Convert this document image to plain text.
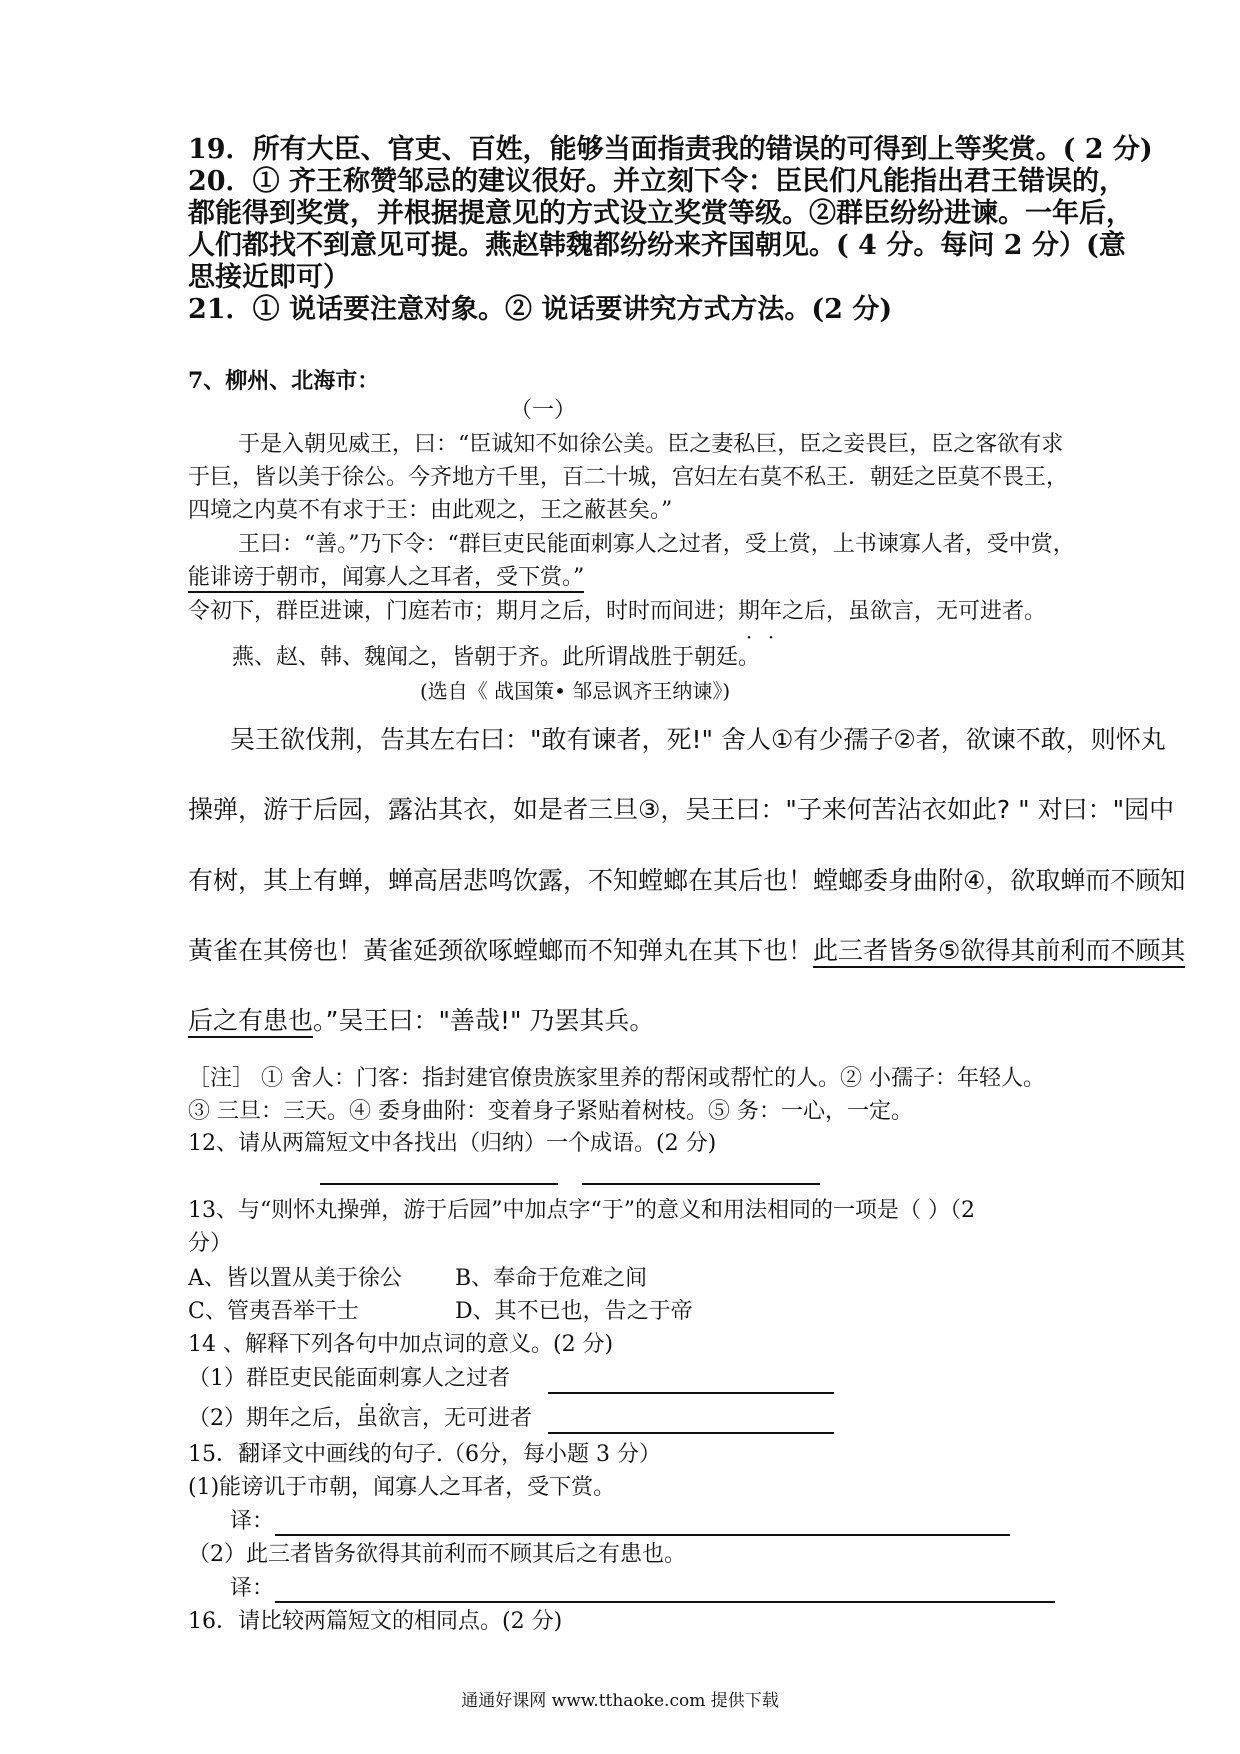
19．所有大臣、官吏、百姓，能够当面指责我的错误的可得到上等奖赏。( 2 分)
20．① 齐王称赞邹忌的建议很好。并立刻下令：臣民们凡能指出君王错误的，
都能得到奖赏，并根据提意见的方式设立奖赏等级。②群臣纷纷进谏。一年后，
人们都找不到意见可提。燕赵韩魏都纷纷来齐国朝见。( 4 分。每问 2 分）(意
思接近即可）
21．① 说话要注意对象。② 说话要讲究方式方法。(2 分)
7、柳州、北海市：
（一）
于是入朝见威王，曰：“臣诚知不如徐公美。臣之妻私巨，臣之妾畏巨，臣之客欲有求
于巨，皆以美于徐公。今齐地方千里，百二十城，宫妇左右莫不私王．朝廷之臣莫不畏王，
四境之内莫不有求于王：由此观之，王之蔽甚矣。”
王曰：“善。”乃下令：“群巨吏民能面刺寡人之过者，受上赏，上书谏寡人者，受中赏，
能诽谤于朝市，闻寡人之耳者，受下赏。”
令初下，群臣进谏，门庭若市；期月之后，时时而间进；期年之后，虽欲言，无可进者。
燕、赵、韩、魏闻之，皆朝于齐。此所谓战胜于朝廷。
(选自《 战国策• 邹忌讽齐王纳谏》)
吴王欲伐荆，告其左右曰："敢有谏者，死!" 舍人①有少孺子②者，欲谏不敢，则怀丸
操弹，游于后园，露沾其衣，如是者三旦③，吴王曰："子来何苦沾衣如此? " 对曰："园中
有树，其上有蝉，蝉高居悲鸣饮露，不知螳螂在其后也！螳螂委身曲附④，欲取蝉而不顾知
黃雀在其傍也！黃雀延颈欲啄螳螂而不知弹丸在其下也！此三者皆务⑤欲得其前利而不顾其
后之有患也。”吴王曰："善哉!" 乃罢其兵。
［注］ ① 舍人：门客：指封建官僚贵族家里养的帮闲或帮忙的人。② 小孺子：年轻人。
③ 三旦：三天。④ 委身曲附：变着身子紧贴着树枝。⑤ 务：一心，一定。
12、请从两篇短文中各找出（归纳）一个成语。(2 分)
13、与“则怀丸操弹，游于后园”中加点字“于”的意义和用法相同的一项是（ ）（2
分）
A、皆以置从美于徐公 B、奉命于危难之间
C、管夷吾举干士	D、其不已也，告之于帝
14 、解释下列各句中加点词的意义。(2 分)
（1）群臣吏民能面刺寡人之过者
（2）期年之后，虽欲言，无可进者
15．翻译文中画线的句子.（6分，每小题 3 分）
(1)能谤讥于市朝，闻寡人之耳者，受下赏。
译：
（2）此三者皆务欲得其前利而不顾其后之有患也。
译：
16．请比较两篇短文的相同点。(2 分)
通通好课网 www.tthaoke.com 提供下载
